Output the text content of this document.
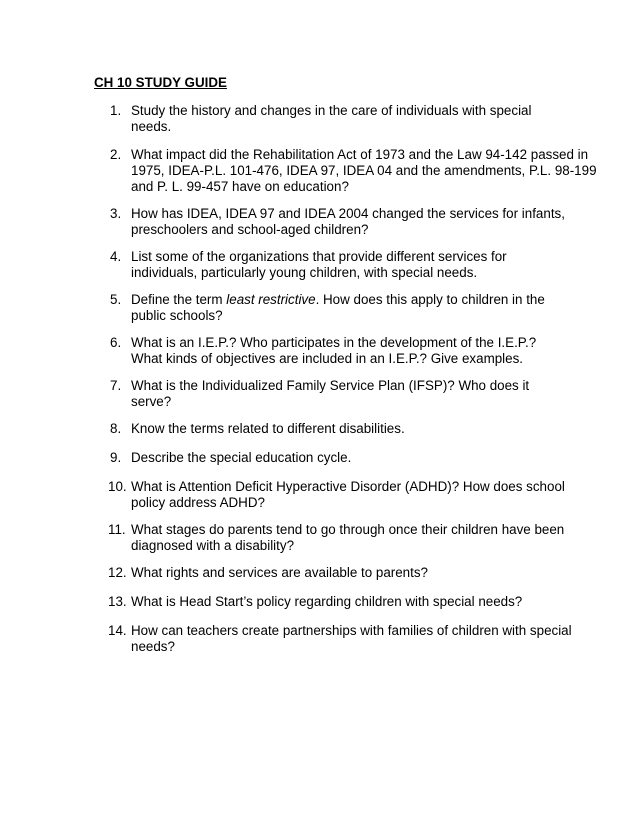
CH 10 STUDY GUIDE
1. Study the history and changes in the care of individuals with special
needs.
2. What impact did the Rehabilitation Act of 1973 and the Law 94-142 passed in
1975, IDEA-P.L. 101-476, IDEA 97, IDEA 04 and the amendments, P.L. 98-199
and P. L. 99-457 have on education?
3. How has IDEA, IDEA 97 and IDEA 2004 changed the services for infants,
preschoolers and school-aged children?
4. List some of the organizations that provide different services for
individuals, particularly young children, with special needs.
5. Define the term least restrictive. How does this apply to children in the
public schools?
6. What is an I.E.P.? Who participates in the development of the I.E.P.?
What kinds of objectives are included in an I.E.P.? Give examples.
7. What is the Individualized Family Service Plan (IFSP)? Who does it
serve?
8. Know the terms related to different disabilities.
9. Describe the special education cycle.
10. What is Attention Deficit Hyperactive Disorder (ADHD)? How does school
policy address ADHD?
11. What stages do parents tend to go through once their children have been
diagnosed with a disability?
12. What rights and services are available to parents?
13. What is Head Start’s policy regarding children with special needs?
14. How can teachers create partnerships with families of children with special
needs?
